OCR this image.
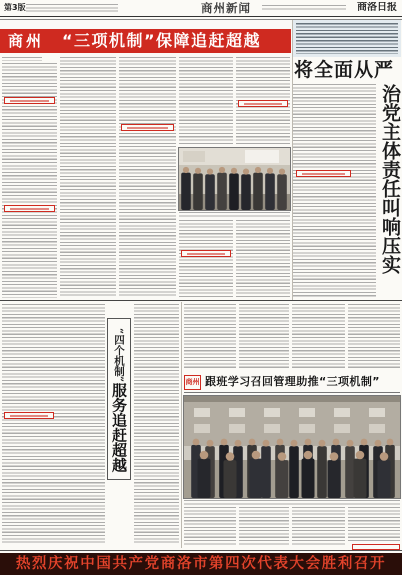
第3版	商州新闻	商洛日报
商州 “三项机制”保障追赶超越
将全面从严
治党主体责任叫响压实
“四个机制”服务追赶超越
商州 跟班学习召回管理助推“三项机制”
热烈庆祝中国共产党商洛市第四次代表大会胜利召开
